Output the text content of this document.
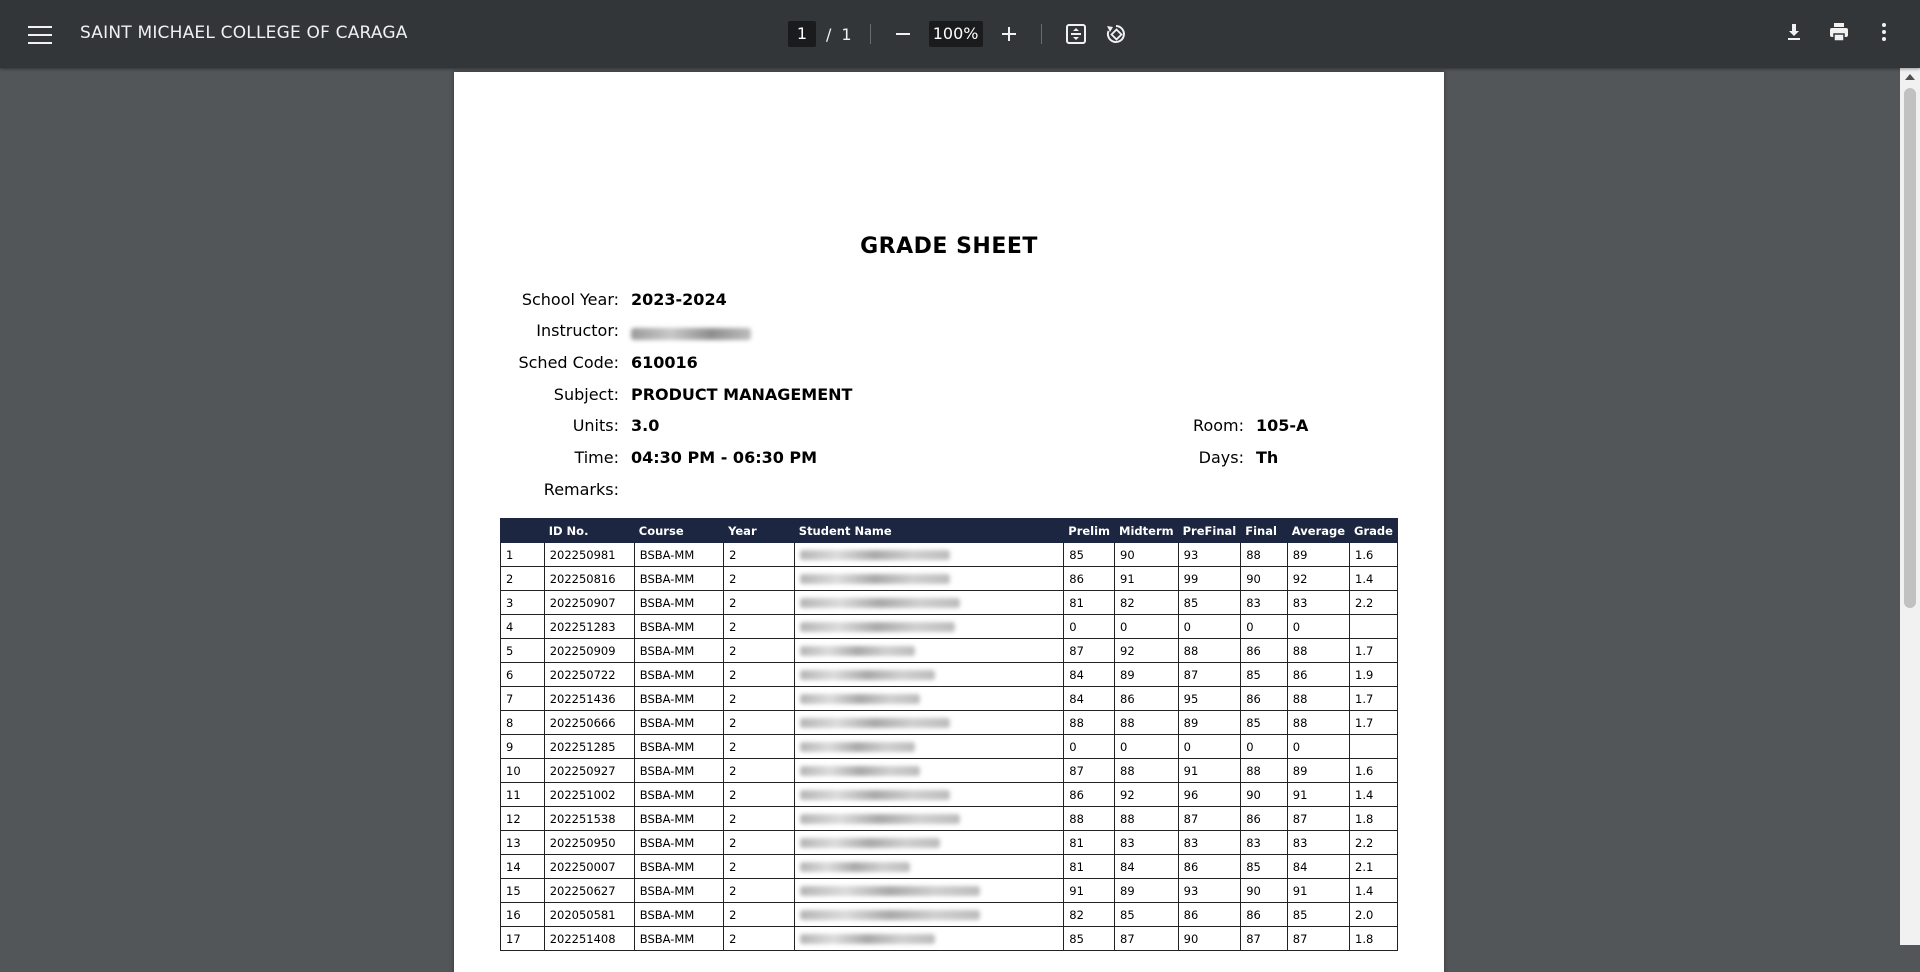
SAINT MICHAEL COLLEGE OF CARAGA	1	/ 1	100%
GRADE SHEET
School Year: 2023-2024
Instructor:
Sched Code: 610016
Subject: PRODUCT MANAGEMENT
Units: 3.0
Time: 04:30 PM - 06:30 PM
Remarks:
Room: 105-A
Days: Th
	ID No.	Course	Year	Student Name	Prelim	Midterm	PreFinal	Final	Average	Grade
1	202250981	BSBA-MM	2		85	90	93	88	89	1.6
2	202250816	BSBA-MM	2		86	91	99	90	92	1.4
3	202250907	BSBA-MM	2		81	82	85	83	83	2.2
4	202251283	BSBA-MM	2		0	0	0	0	0	
5	202250909	BSBA-MM	2		87	92	88	86	88	1.7
6	202250722	BSBA-MM	2		84	89	87	85	86	1.9
7	202251436	BSBA-MM	2		84	86	95	86	88	1.7
8	202250666	BSBA-MM	2		88	88	89	85	88	1.7
9	202251285	BSBA-MM	2		0	0	0	0	0	
10	202250927	BSBA-MM	2		87	88	91	88	89	1.6
11	202251002	BSBA-MM	2		86	92	96	90	91	1.4
12	202251538	BSBA-MM	2		88	88	87	86	87	1.8
13	202250950	BSBA-MM	2		81	83	83	83	83	2.2
14	202250007	BSBA-MM	2		81	84	86	85	84	2.1
15	202250627	BSBA-MM	2		91	89	93	90	91	1.4
16	202050581	BSBA-MM	2		82	85	86	86	85	2.0
17	202251408	BSBA-MM	2		85	87	90	87	87	1.8
